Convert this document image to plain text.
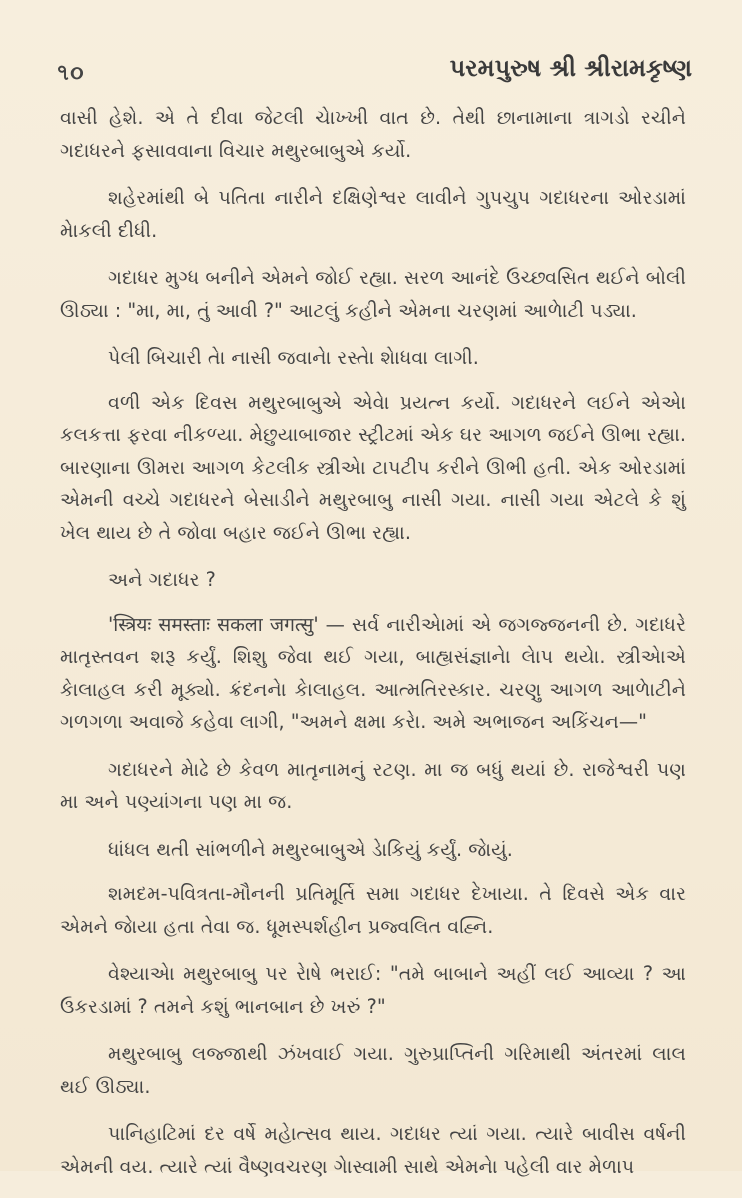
৭૦	પરમપુરુષ શ્રી શ્રીરામકૃષ્ણ

વાસી હેશે. એ તે દીવા જેટલી ચેાખ્ખી વાત છે. તેથી છાનામાના ત્રાગડો રચીને ગદાધરને ફસાવવાના વિચાર મથુરબાબુએ કર્યો.

શહેરમાંથી બે પતિતા નારીને દક્ષિણેશ્વર લાવીને ગુપચુપ ગદાધરના ઓરડામાં મેાકલી દીધી.

ગદાધર મુગ્ધ બનીને એમને જોઈ રહ્યા. સરળ આનંદે ઉચ્છ્વસિત થઈને બોલી ઊઠ્યા : "મા, મા, તું આવી ?" આટલું કહીને એમના ચરણમાં આળેાટી પડ્યા.

પેલી બિચારી તેા નાસી જવાનેા રસ્તેા શેાધવા લાગી.

વળી એક દિવસ મથુરબાબુએ એવેા પ્રયત્ન કર્યો. ગદાધરને લઈને એએા કલકત્તા ફરવા નીકળ્યા. મેછુયાબાજાર સ્ટ્રીટમાં એક ઘર આગળ જઈને ઊભા રહ્યા. બારણાના ઊમરા આગળ કેટલીક સ્ત્રીએા ટાપટીપ કરીને ઊભી હતી. એક ઓરડામાં એમની વચ્ચે ગદાધરને બેસાડીને મથુરબાબુ નાસી ગયા. નાસી ગયા એટલે કે શું ખેલ થાય છે તે જોવા બહાર જઈને ઊભા રહ્યા.

અને ગદાધર ?

'स्त्रियः समस्ताः सकला जगत्सु' — સર્વ નારીએામાં એ જગજ્જનની છે. ગદાધરે માતૃસ્તવન શરૂ કર્યું. શિશુ જેવા થઈ ગયા, બાહ્યસંજ્ઞાનેા લેાપ થયેા. સ્ત્રીએાએ કેાલાહલ કરી મૂક્યો. ક્રંદનનેા કેાલાહલ. આત્મતિરસ્કાર. ચરણુ આગળ આળેાટીને ગળગળા અવાજે કહેવા લાગી, "અમને ક્ષમા કરેા. અમે અભાજન અકિંચન—"

ગદાધરને મેાઢે છે કેવળ માતૃનામનું રટણ. મા જ બધું થયાં છે. રાજેશ્વરી પણ મા અને પણ્યાંગના પણ મા જ.

ધાંધલ થતી સાંભળીને મથુરબાબુએ ડેાકિયું કર્યું. જેાયું.

શમદમ-પવિત્રતા-મૌનની પ્રતિમૂર્તિ સમા ગદાધર દેખાયા. તે દિવસે એક વાર એમને જેાયા હતા તેવા જ. ધૂમસ્પર્શહીન પ્રજ્વલિત વહ્નિ.

વેશ્યાએા મથુરબાબુ પર રેાષે ભરાઈ: "તમે બાબાને અહીં લઈ આવ્યા ? આ ઉકરડામાં ? તમને કશું ભાનબાન છે ખરું ?"

મથુરબાબુ લજ્જાથી ઝંખવાઈ ગયા. ગુરુપ્રાપ્તિની ગરિમાથી અંતરમાં લાલ થઈ ઊઠ્યા.

પાનિહાટિમાં દર વર્ષે મહેાત્સવ થાય. ગદાધર ત્યાં ગયા. ત્યારે બાવીસ વર્ષની એમની વય. ત્યારે ત્યાં વૈષ્ણવચરણ ગેાસ્વામી સાથે એમનેા પહેલી વાર મેળાપ
